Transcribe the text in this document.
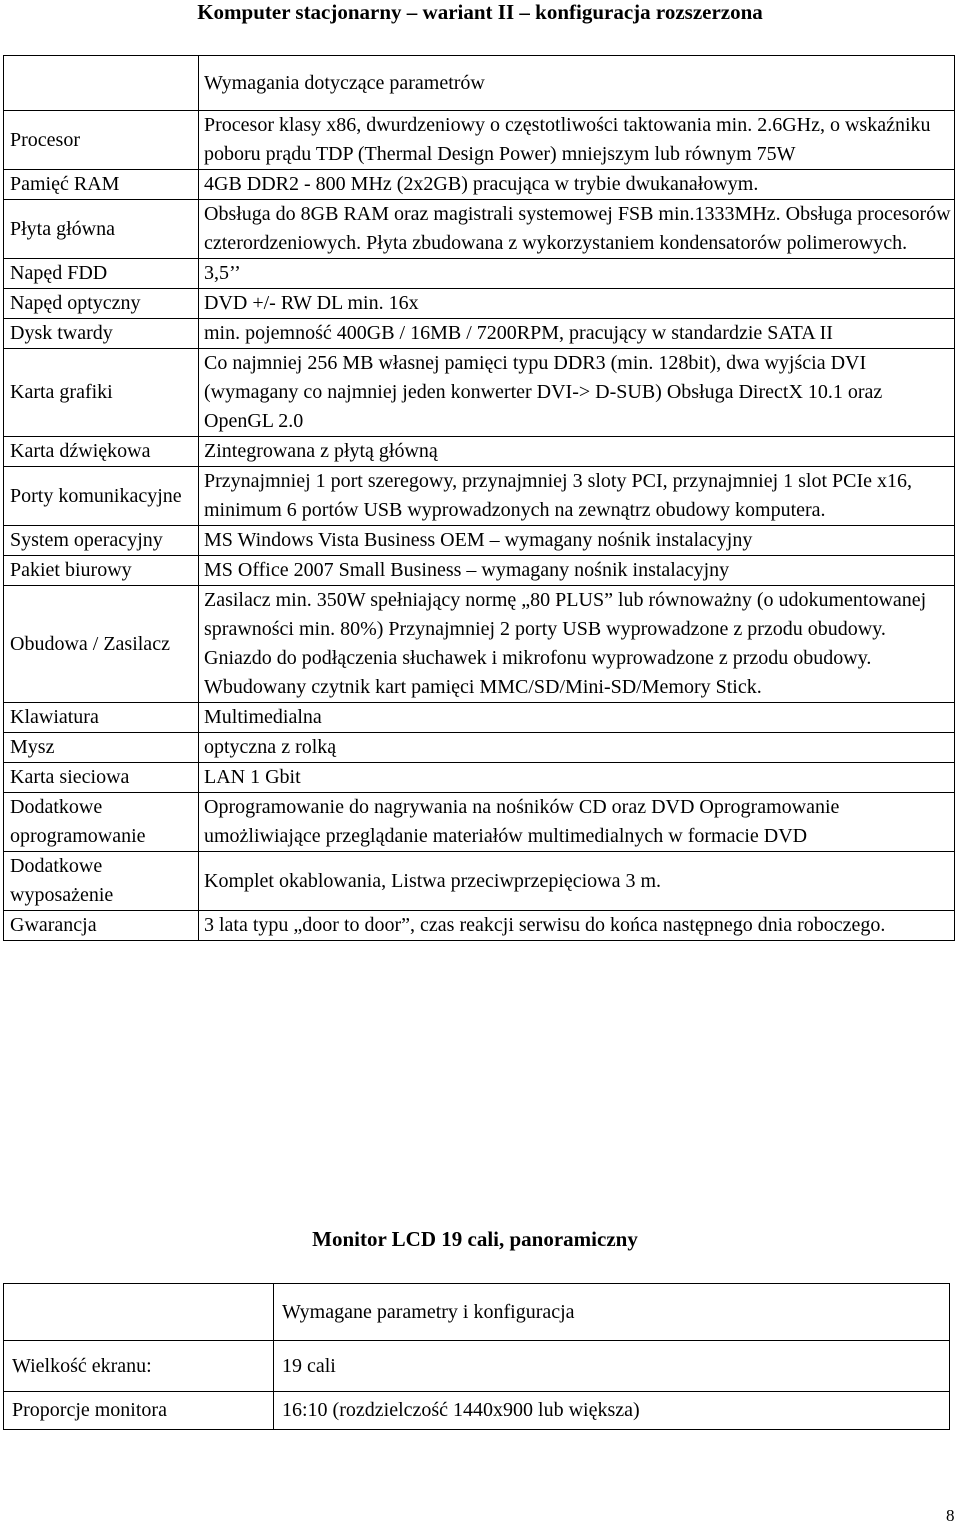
Komputer stacjonarny – wariant II – konfiguracja rozszerzona
	Wymagania dotyczące parametrów
Procesor	Procesor klasy x86, dwurdzeniowy o częstotliwości taktowania min. 2.6GHz, o wskaźniku poboru prądu TDP (Thermal Design Power) mniejszym lub równym 75W
Pamięć RAM	4GB DDR2 - 800 MHz (2x2GB) pracująca w trybie dwukanałowym.
Płyta główna	Obsługa do 8GB RAM oraz magistrali systemowej FSB min.1333MHz. Obsługa procesorów czterordzeniowych. Płyta zbudowana z wykorzystaniem kondensatorów polimerowych.
Napęd FDD	3,5’’
Napęd optyczny	DVD +/- RW DL min. 16x
Dysk twardy	min. pojemność 400GB / 16MB / 7200RPM, pracujący w standardzie SATA II
Karta grafiki	Co najmniej 256 MB własnej pamięci typu DDR3 (min. 128bit), dwa wyjścia DVI (wymagany co najmniej jeden konwerter DVI-> D-SUB) Obsługa DirectX 10.1 oraz OpenGL 2.0
Karta dźwiękowa	Zintegrowana z płytą główną
Porty komunikacyjne	Przynajmniej 1 port szeregowy, przynajmniej 3 sloty PCI, przynajmniej 1 slot PCIe x16, minimum 6 portów USB wyprowadzonych na zewnątrz obudowy komputera.
System operacyjny	MS Windows Vista Business OEM – wymagany nośnik instalacyjny
Pakiet biurowy	MS Office 2007 Small Business – wymagany nośnik instalacyjny
Obudowa / Zasilacz	Zasilacz min. 350W spełniający normę „80 PLUS” lub równoważny (o udokumentowanej sprawności min. 80%) Przynajmniej 2 porty USB wyprowadzone z przodu obudowy. Gniazdo do podłączenia słuchawek i mikrofonu wyprowadzone z przodu obudowy. Wbudowany czytnik kart pamięci MMC/SD/Mini-SD/Memory Stick.
Klawiatura	Multimedialna
Mysz	optyczna z rolką
Karta sieciowa	LAN 1 Gbit
Dodatkowe oprogramowanie	Oprogramowanie do nagrywania na nośników CD oraz DVD Oprogramowanie umożliwiające przeglądanie materiałów multimedialnych w formacie DVD
Dodatkowe wyposażenie	Komplet okablowania, Listwa przeciwprzepięciowa 3 m.
Gwarancja	3 lata typu „door to door”, czas reakcji serwisu do końca następnego dnia roboczego.
Monitor LCD 19 cali, panoramiczny
	Wymagane parametry i konfiguracja
Wielkość ekranu:	19 cali
Proporcje monitora	16:10 (rozdzielczość 1440x900 lub większa)
8
